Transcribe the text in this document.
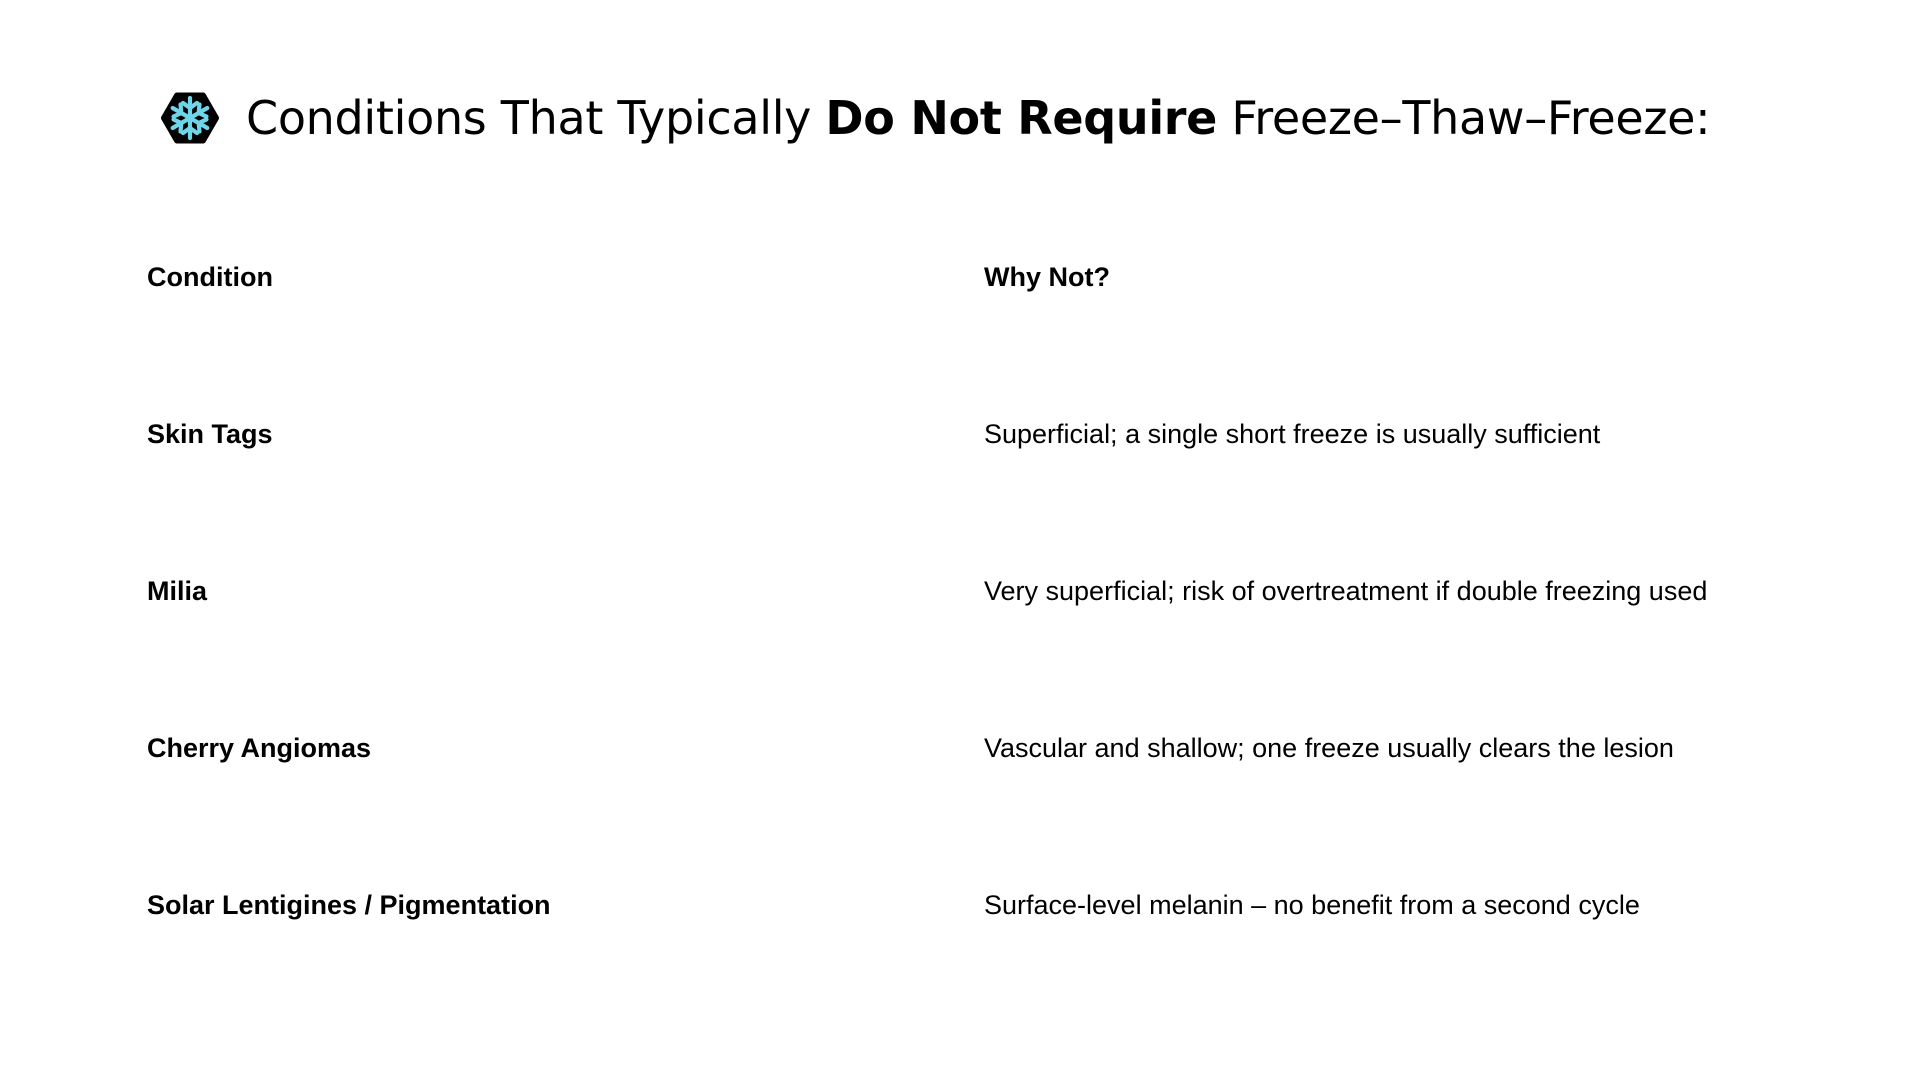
Conditions That Typically Do Not Require Freeze–Thaw–Freeze:
Condition	Why Not?
Skin Tags	Superficial; a single short freeze is usually sufficient
Milia	Very superficial; risk of overtreatment if double freezing used
Cherry Angiomas	Vascular and shallow; one freeze usually clears the lesion
Solar Lentigines / Pigmentation	Surface-level melanin – no benefit from a second cycle
